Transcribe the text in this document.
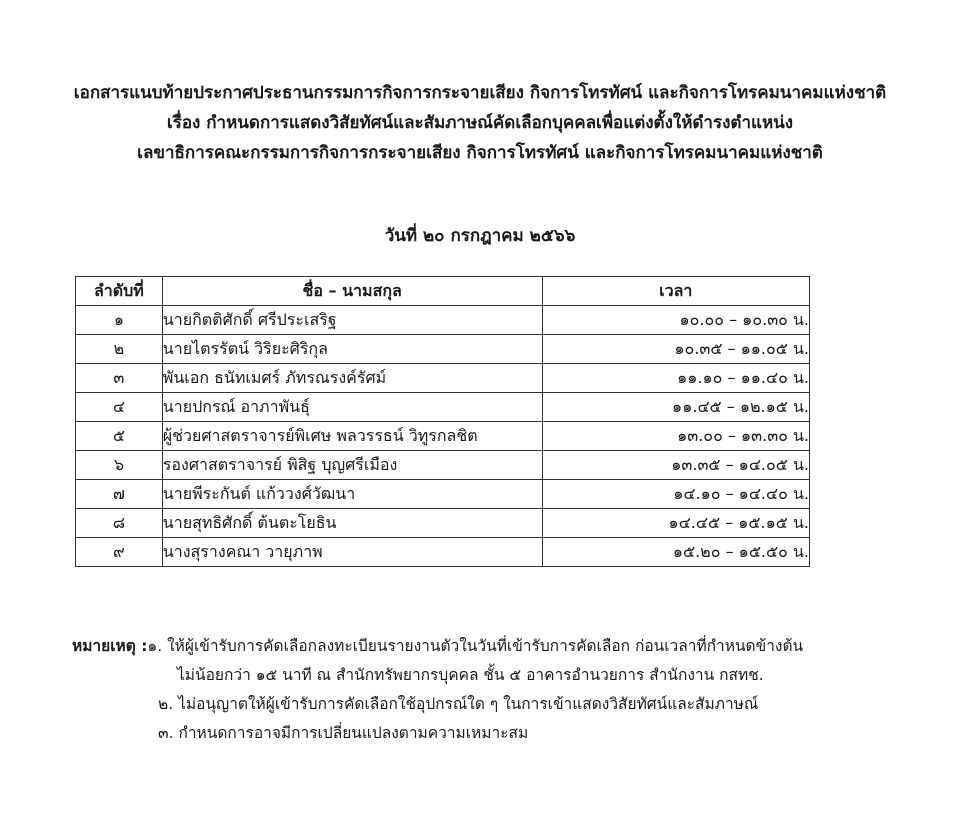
เอกสารแนบท้ายประกาศประธานกรรมการกิจการกระจายเสียง กิจการโทรทัศน์ และกิจการโทรคมนาคมแห่งชาติ
เรื่อง กำหนดการแสดงวิสัยทัศน์และสัมภาษณ์คัดเลือกบุคคลเพื่อแต่งตั้งให้ดำรงตำแหน่ง
เลขาธิการคณะกรรมการกิจการกระจายเสียง กิจการโทรทัศน์ และกิจการโทรคมนาคมแห่งชาติ
วันที่ ๒๐ กรกฎาคม ๒๕๖๖
ลำดับที่	ชื่อ – นามสกุล	เวลา
๑	นายกิตติศักดิ์ ศรีประเสริฐ	๑๐.๐๐ – ๑๐.๓๐ น.
๒	นายไตรรัตน์ วิริยะศิริกุล	๑๐.๓๕ – ๑๑.๐๕ น.
๓	พันเอก ธนัทเมศร์ ภัทรณรงค์รัศม์	๑๑.๑๐ – ๑๑.๔๐ น.
๔	นายปกรณ์ อาภาพันธุ์	๑๑.๔๕ – ๑๒.๑๕ น.
๕	ผู้ช่วยศาสตราจารย์พิเศษ พลวรรธน์ วิทูรกลชิต	๑๓.๐๐ – ๑๓.๓๐ น.
๖	รองศาสตราจารย์ พิสิฐ บุญศรีเมือง	๑๓.๓๕ – ๑๔.๐๕ น.
๗	นายพีระกันต์ แก้ววงศ์วัฒนา	๑๔.๑๐ – ๑๔.๔๐ น.
๘	นายสุทธิศักดิ์ ต้นตะโยธิน	๑๔.๔๕ – ๑๕.๑๕ น.
๙	นางสุรางคณา วายุภาพ	๑๕.๒๐ – ๑๕.๕๐ น.
หมายเหตุ :๑. ให้ผู้เข้ารับการคัดเลือกลงทะเบียนรายงานตัวในวันที่เข้ารับการคัดเลือก ก่อนเวลาที่กำหนดข้างต้น
ไม่น้อยกว่า ๑๕ นาที ณ สำนักทรัพยากรบุคคล ชั้น ๕ อาคารอำนวยการ สำนักงาน กสทช.
๒. ไม่อนุญาตให้ผู้เข้ารับการคัดเลือกใช้อุปกรณ์ใด ๆ ในการเข้าแสดงวิสัยทัศน์และสัมภาษณ์
๓. กำหนดการอาจมีการเปลี่ยนแปลงตามความเหมาะสม
